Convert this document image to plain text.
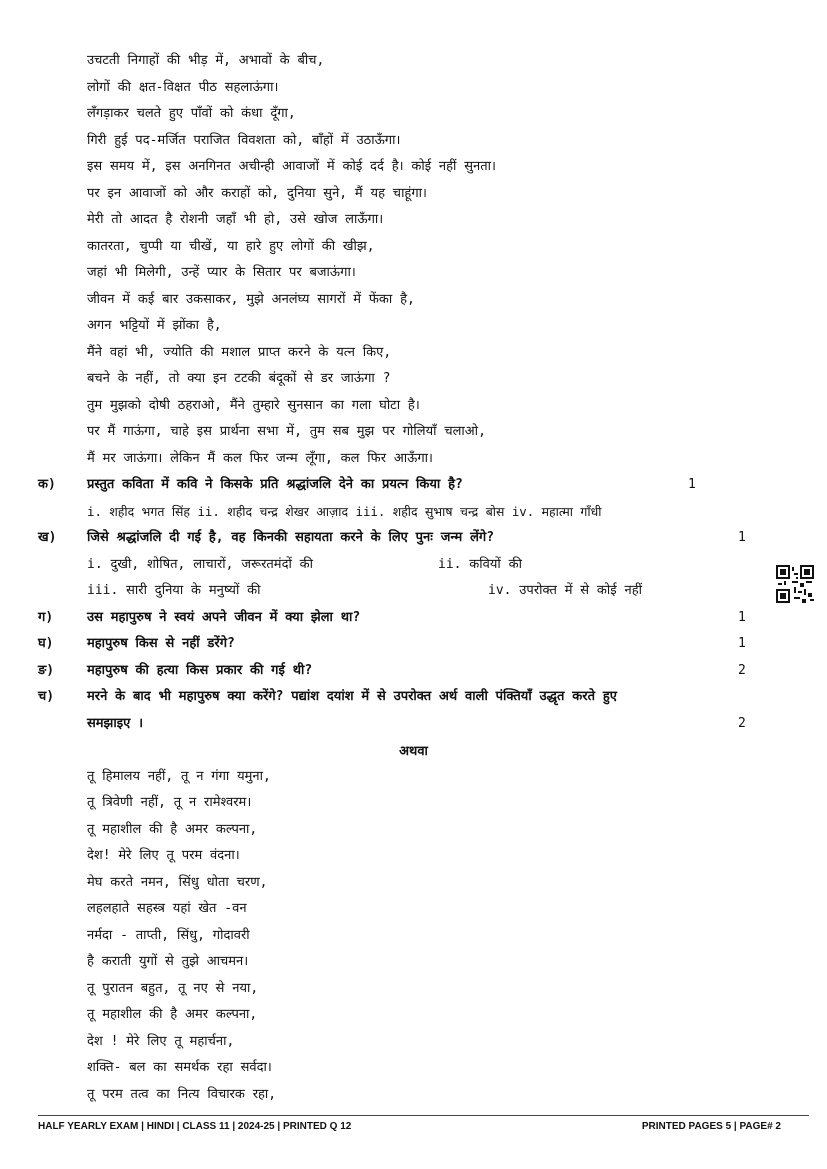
उचटती निगाहों की भीड़ में, अभावों के बीच,
लोगों की क्षत-विक्षत पीठ सहलाऊंगा।
लँगड़ाकर चलते हुए पाँवों को कंधा दूँगा,
गिरी हुई पद-मर्जित पराजित विवशता को, बाँहों में उठाऊँगा।
इस समय में, इस अनगिनत अचीन्ही आवाजों में कोई दर्द है। कोई नहीं सुनता।
पर इन आवाजों को और कराहों को, दुनिया सुने, मैं यह चाहूंगा।
मेरी तो आदत है रोशनी जहाँ भी हो, उसे खोज लाऊँगा।
कातरता, चुप्पी या चीखें, या हारे हुए लोगों की खीझ,
जहां भी मिलेगी, उन्हें प्यार के सितार पर बजाऊंगा।
जीवन में कई बार उकसाकर, मुझे अनलंघ्य सागरों में फेंका है,
अगन भट्टियों में झोंका है,
मैंने वहां भी, ज्योति की मशाल प्राप्त करने के यत्न किए,
बचने के नहीं, तो क्या इन टटकी बंदूकों से डर जाऊंगा ?
तुम मुझको दोषी ठहराओ, मैंने तुम्हारे सुनसान का गला घोटा है।
पर मैं गाऊंगा, चाहे इस प्रार्थना सभा में, तुम सब मुझ पर गोलियाँ चलाओ,
मैं मर जाऊंगा। लेकिन मैं कल फिर जन्म लूँगा, कल फिर आऊँगा।
क) प्रस्तुत कविता में कवि ने किसके प्रति श्रद्धांजलि देने का प्रयत्न किया है?	1
i. शहीद भगत सिंह ii. शहीद चन्द्र शेखर आज़ाद iii. शहीद सुभाष चन्द्र बोस iv. महात्मा गाँधी
ख) जिसे श्रद्धांजलि दी गई है, वह किनकी सहायता करने के लिए पुनः जन्म लेंगे?	1
i. दुखी, शोषित, लाचारों, जरूरतमंदों की	ii. कवियों की
iii. सारी दुनिया के मनुष्यों की	iv. उपरोक्त में से कोई नहीं
ग)	उस महापुरुष ने स्वयं अपने जीवन में क्या झेला था?	1
घ)	महापुरुष किस से नहीं डरेंगे?	1
ङ)	महापुरुष की हत्या किस प्रकार की गई थी?	2
च)	मरने के बाद भी महापुरुष क्या करेंगे? पद्यांश दयांश में से उपरोक्त अर्थ वाली पंक्तियाँ उद्धृत करते हुए
समझाइए ।	2
अथवा
तू हिमालय नहीं, तू न गंगा यमुना,
तू त्रिवेणी नहीं, तू न रामेश्वरम।
तू महाशील की है अमर कल्पना,
देश! मेरे लिए तू परम वंदना।
मेघ करते नमन, सिंधु धोता चरण,
लहलहाते सहस्त्र यहां खेत -वन
नर्मदा - ताप्ती, सिंधु, गोदावरी
है कराती युगों से तुझे आचमन।
तू पुरातन बहुत, तू नए से नया,
तू महाशील की है अमर कल्पना,
देश ! मेरे लिए तू महार्चना,
शक्ति- बल का समर्थक रहा सर्वदा।
तू परम तत्व का नित्य विचारक रहा,
HALF YEARLY EXAM | HINDI | CLASS 11 | 2024-25 | PRINTED Q 12	PRINTED PAGES 5 | PAGE# 2
